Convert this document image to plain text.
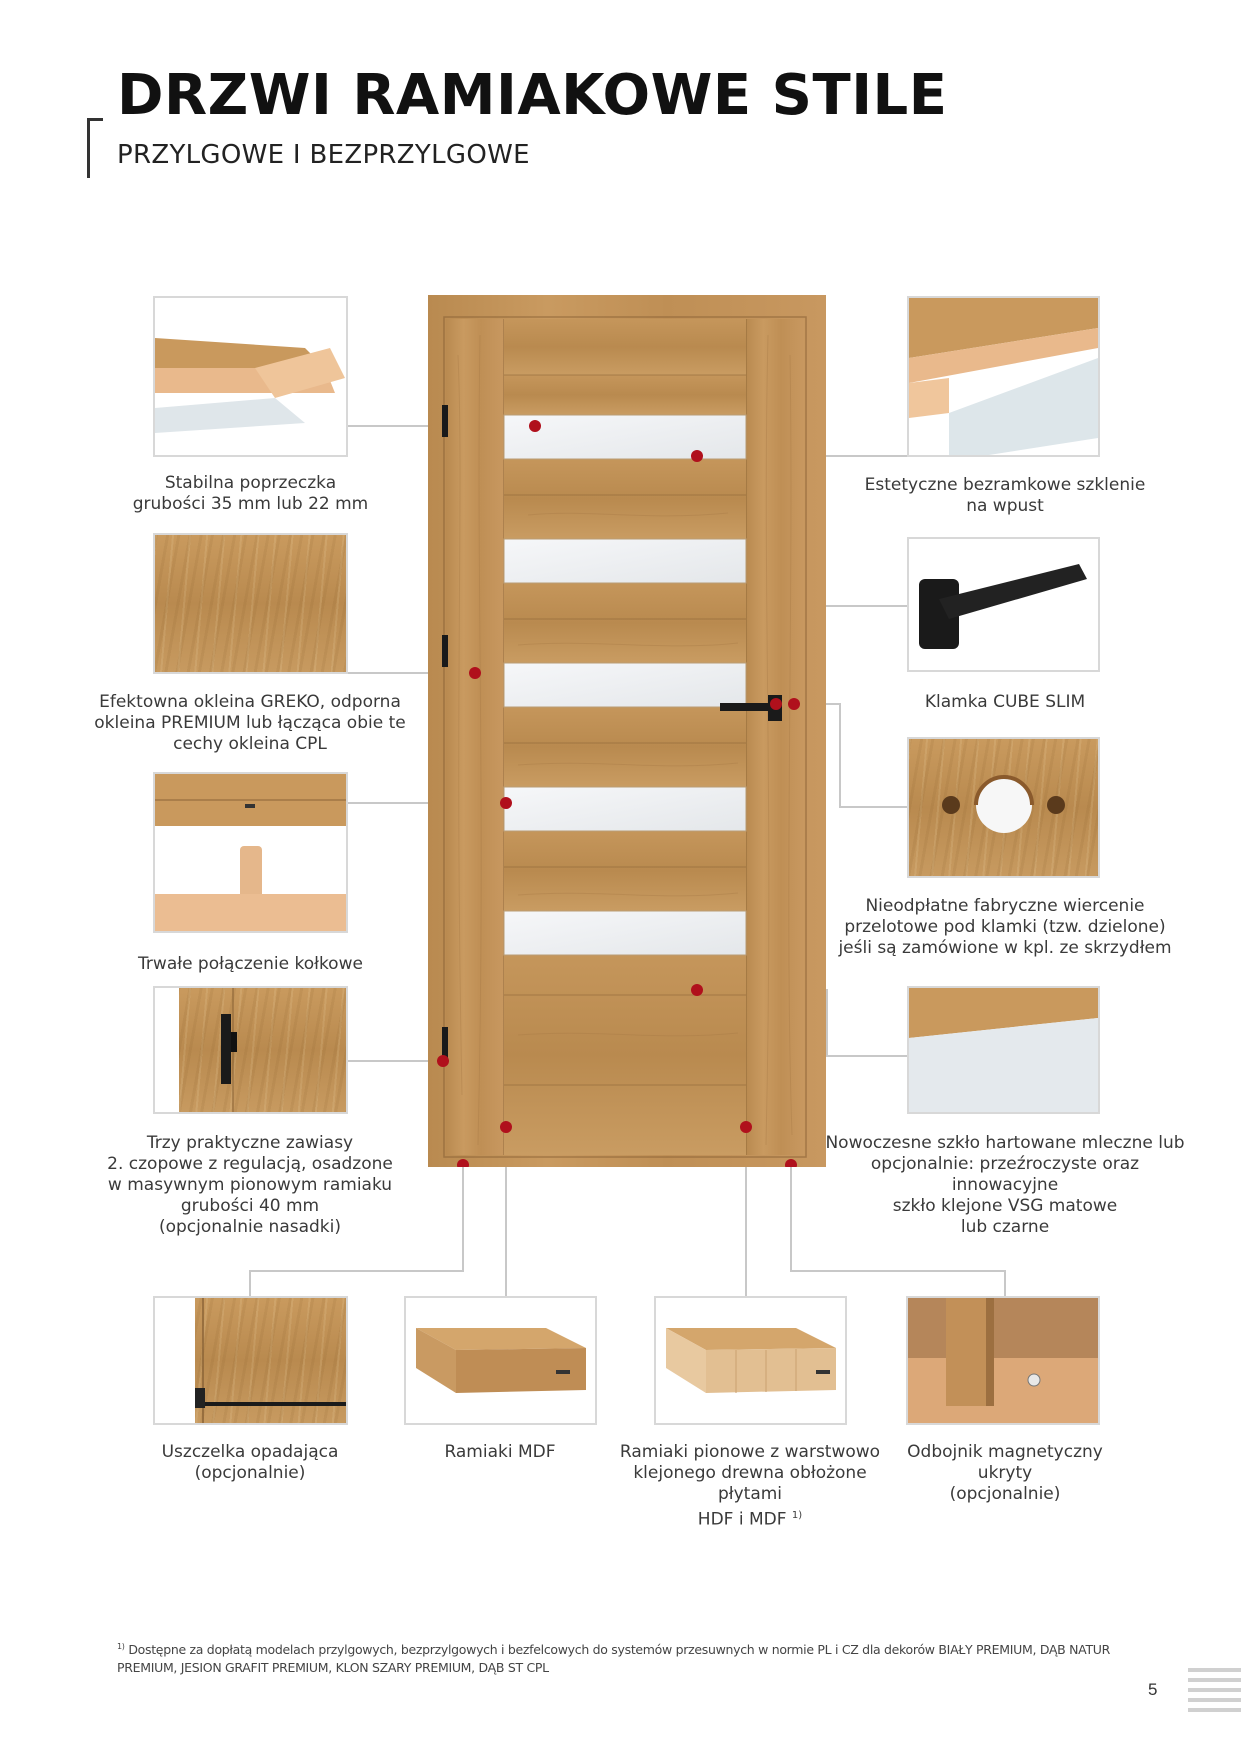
DRZWI RAMIAKOWE STILE
PRZYLGOWE I BEZPRZYLGOWE
Stabilna poprzeczka
grubości 35 mm lub 22 mm
Estetyczne bezramkowe szklenie
na wpust
Efektowna okleina GREKO, odporna
okleina PREMIUM lub łącząca obie te
cechy okleina CPL
Klamka CUBE SLIM
Trwałe połączenie kołkowe
Nieodpłatne fabryczne wiercenie
przelotowe pod klamki (tzw. dzielone)
jeśli są zamówione w kpl. ze skrzydłem
Trzy praktyczne zawiasy
2. czopowe z regulacją, osadzone
w masywnym pionowym ramiaku
grubości 40 mm
(opcjonalnie nasadki)
Nowoczesne szkło hartowane mleczne lub
opcjonalnie: przeźroczyste oraz innowacyjne
szkło klejone VSG matowe
lub czarne
Uszczelka opadająca
(opcjonalnie)
Ramiaki MDF	Ramiaki pionowe z warstwowo
klejonego drewna obłożone płytami
HDF i MDF $^{1)}$
Odbojnik magnetyczny ukryty
(opcjonalnie)
$^{1)}$ Dostępne za dopłatą modelach przylgowych, bezprzylgowych i bezfelcowych do systemów przesuwnych w normie PL i CZ dla dekorów BIAŁY PREMIUM, DĄB NATUR PREMIUM, JESION GRAFIT PREMIUM, KLON SZARY PREMIUM, DĄB ST CPL
5
